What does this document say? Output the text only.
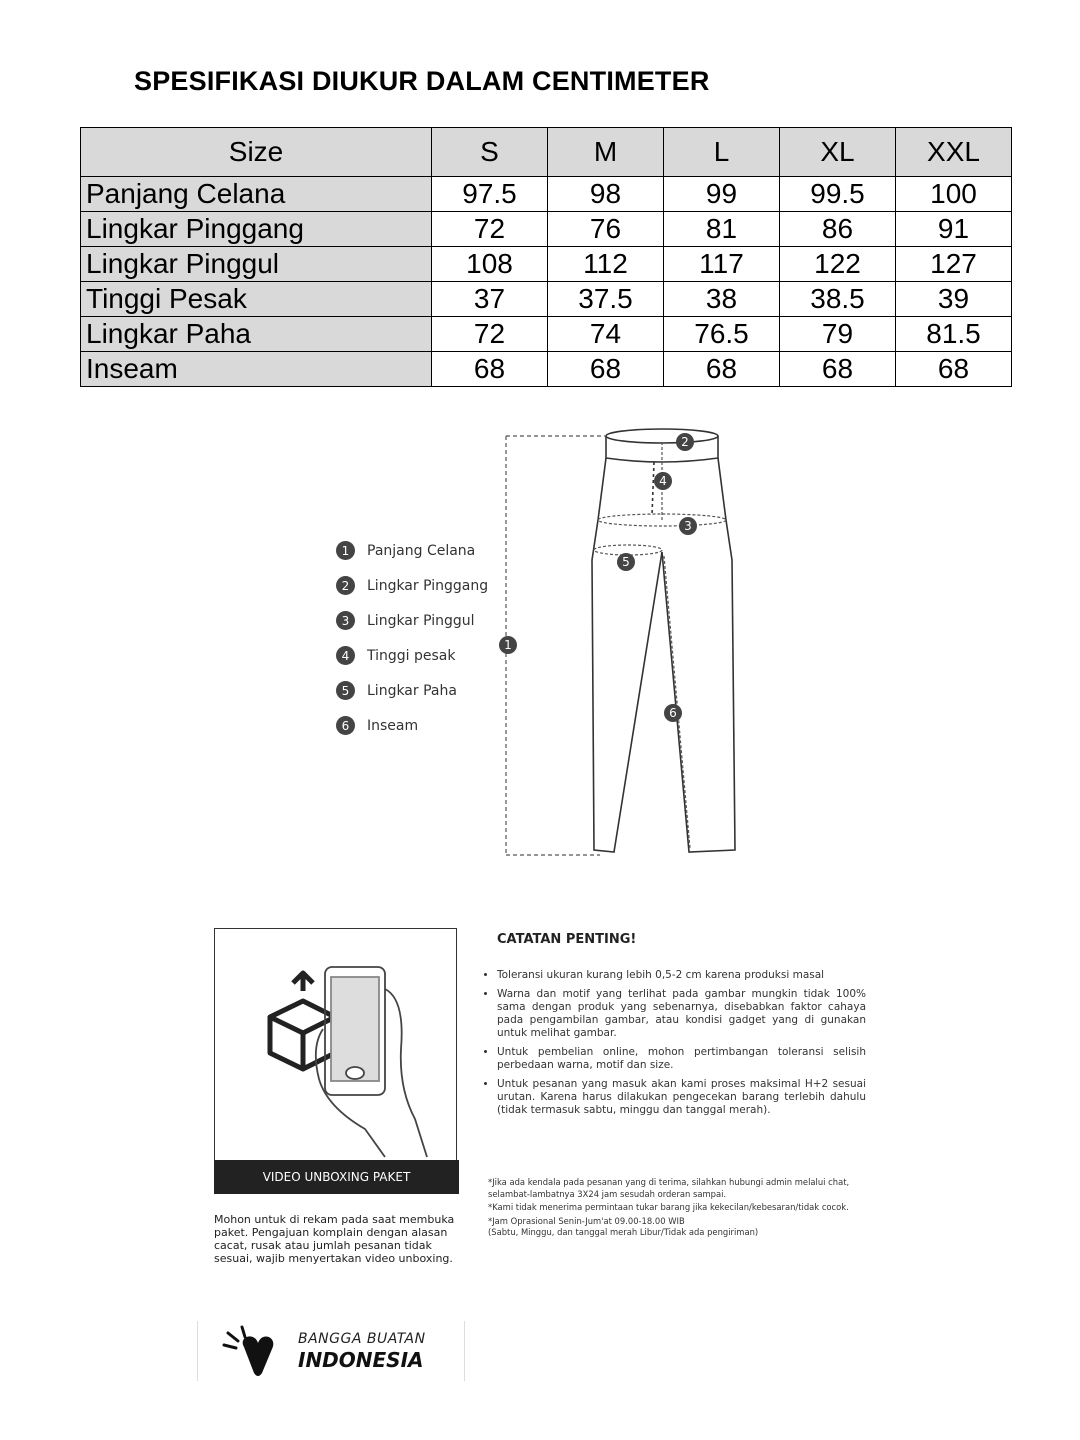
SPESIFIKASI DIUKUR DALAM CENTIMETER
Size	S	M	L	XL	XXL
Panjang Celana	97.5	98	99	99.5	100
Lingkar Pinggang	72	76	81	86	91
Lingkar Pinggul	108	112	117	122	127
Tinggi Pesak	37	37.5	38	38.5	39
Lingkar Paha	72	74	76.5	79	81.5
Inseam	68	68	68	68	68
1
2
3
4
5
6
1	Panjang Celana
2	Lingkar Pinggang
3	Lingkar Pinggul
4	Tinggi pesak
5	Lingkar Paha
6	Inseam
VIDEO UNBOXING PAKET
Mohon untuk di rekam pada saat membuka paket. Pengajuan komplain dengan alasan cacat, rusak atau jumlah pesanan tidak sesuai, wajib menyertakan video unboxing.
CATATAN PENTING!
• Toleransi ukuran kurang lebih 0,5-2 cm karena produksi masal
• Warna dan motif yang terlihat pada gambar mungkin tidak 100% sama dengan produk yang sebenarnya, disebabkan faktor cahaya pada pengambilan gambar, atau kondisi gadget yang di gunakan untuk melihat gambar.
• Untuk pembelian online, mohon pertimbangan toleransi selisih perbedaan warna, motif dan size.
• Untuk pesanan yang masuk akan kami proses maksimal H+2 sesuai urutan. Karena harus dilakukan pengecekan barang terlebih dahulu (tidak termasuk sabtu, minggu dan tanggal merah).

*Jika ada kendala pada pesanan yang di terima, silahkan hubungi admin melalui chat, selambat-lambatnya 3X24 jam sesudah orderan sampai.

*Kami tidak menerima permintaan tukar barang jika kekecilan/kebesaran/tidak cocok.

*Jam Oprasional Senin-Jum'at 09.00-18.00 WIB

(Sabtu, Minggu, dan tanggal merah Libur/Tidak ada pengiriman)

BANGGA BUATAN
INDONESIA
